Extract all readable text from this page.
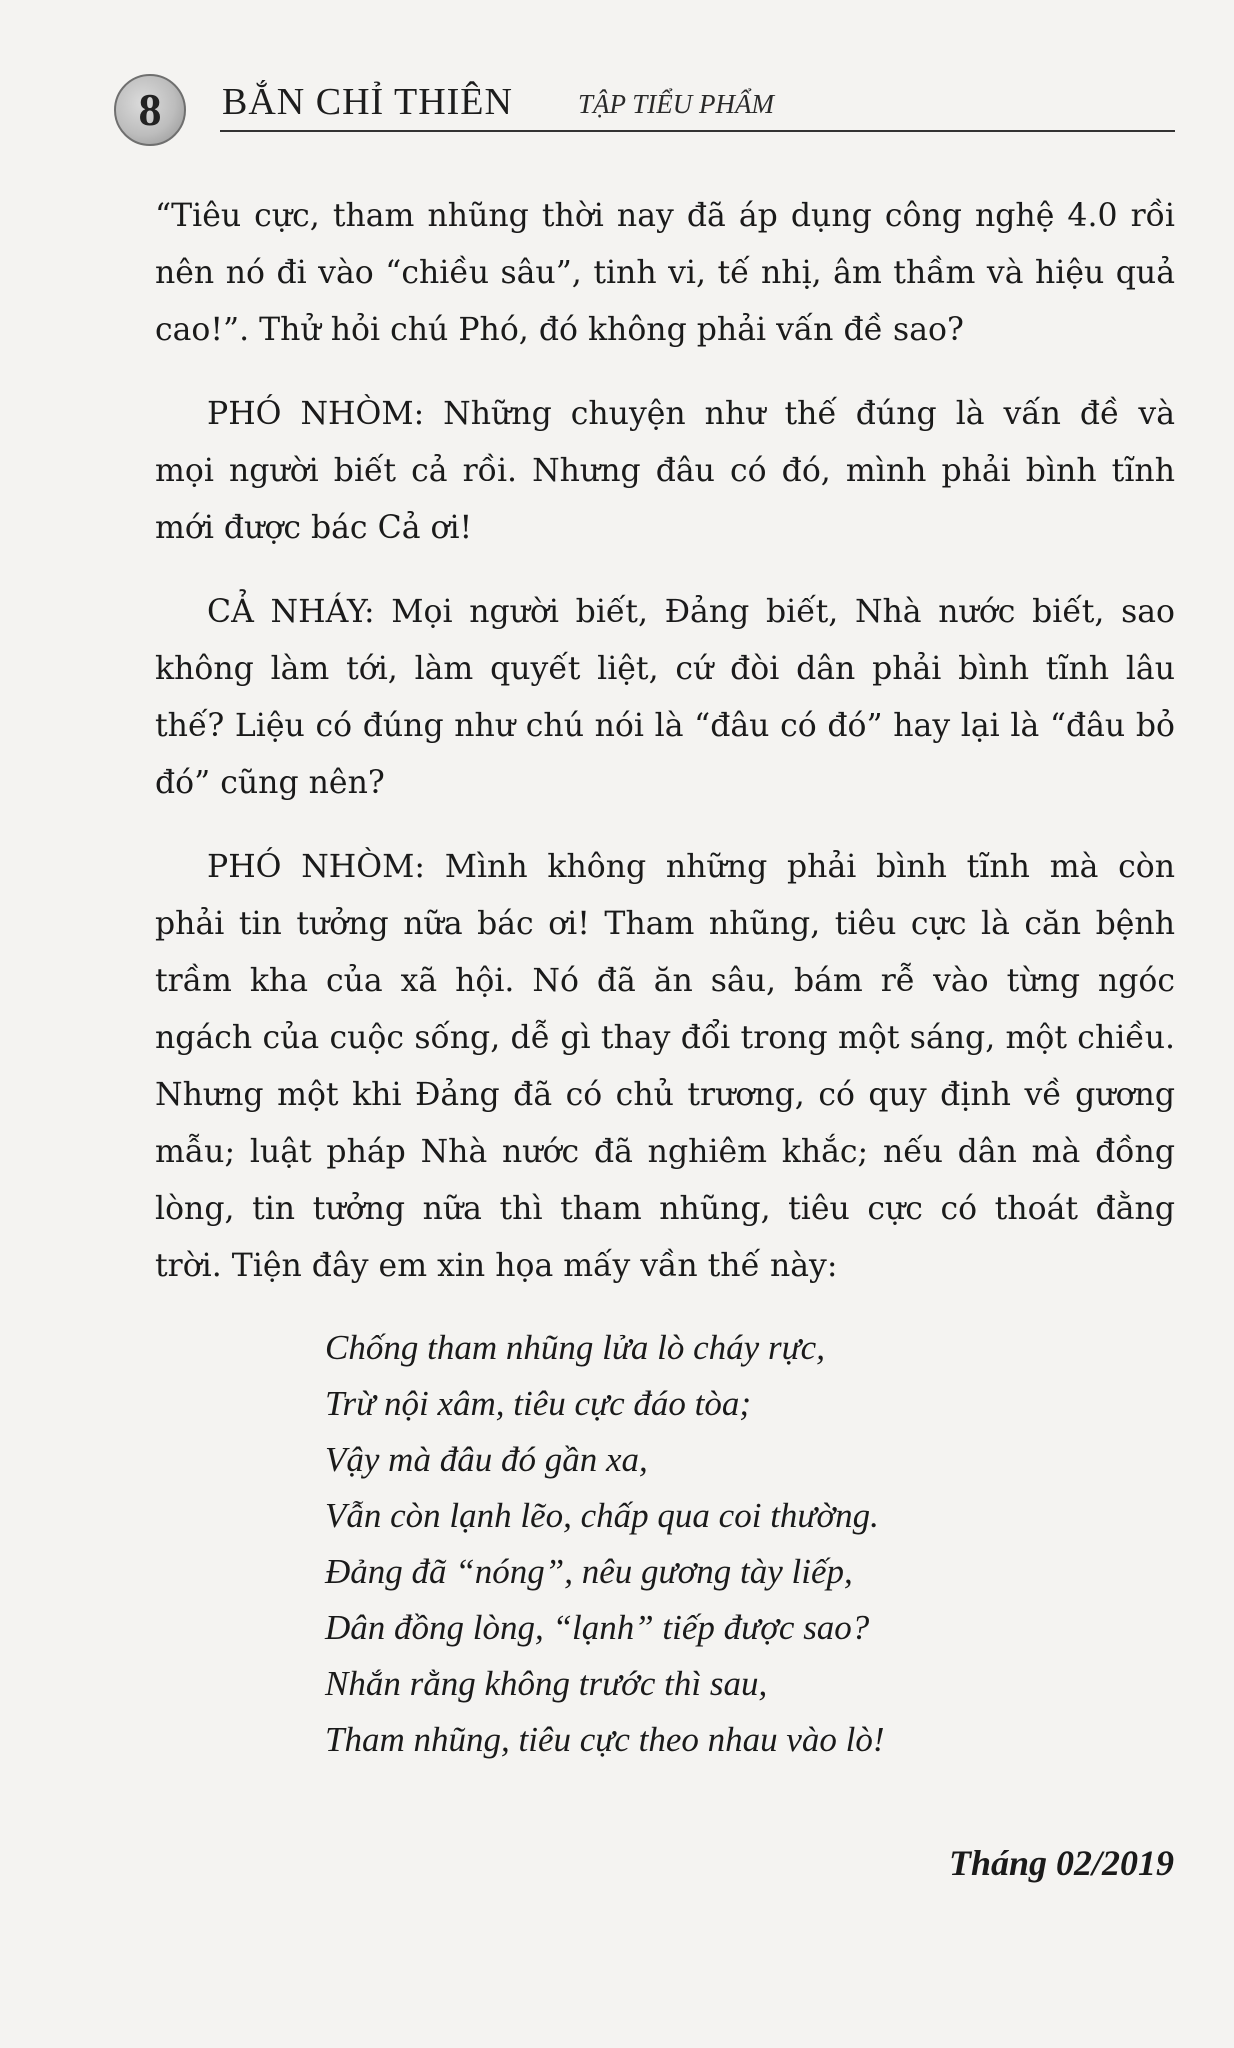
8	BẮN CHỈ THIÊN TẬP TIỂU PHẨM

“Tiêu cực, tham nhũng thời nay đã áp dụng công nghệ 4.0 rồi
nên nó đi vào “chiều sâu”, tinh vi, tế nhị, âm thầm và hiệu quả
cao!”. Thử hỏi chú Phó, đó không phải vấn đề sao?

PHÓ NHÒM: Những chuyện như thế đúng là vấn đề và
mọi người biết cả rồi. Nhưng đâu có đó, mình phải bình tĩnh
mới được bác Cả ơi!

CẢ NHÁY: Mọi người biết, Đảng biết, Nhà nước biết, sao
không làm tới, làm quyết liệt, cứ đòi dân phải bình tĩnh lâu
thế? Liệu có đúng như chú nói là “đâu có đó” hay lại là “đâu bỏ
đó” cũng nên?

PHÓ NHÒM: Mình không những phải bình tĩnh mà còn
phải tin tưởng nữa bác ơi! Tham nhũng, tiêu cực là căn bệnh
trầm kha của xã hội. Nó đã ăn sâu, bám rễ vào từng ngóc
ngách của cuộc sống, dễ gì thay đổi trong một sáng, một chiều.
Nhưng một khi Đảng đã có chủ trương, có quy định về gương
mẫu; luật pháp Nhà nước đã nghiêm khắc; nếu dân mà đồng
lòng, tin tưởng nữa thì tham nhũng, tiêu cực có thoát đằng
trời. Tiện đây em xin họa mấy vần thế này:

Chống tham nhũng lửa lò cháy rực,
Trừ nội xâm, tiêu cực đáo tòa;
Vậy mà đâu đó gần xa,
Vẫn còn lạnh lẽo, chấp qua coi thường.
Đảng đã “nóng”, nêu gương tày liếp,
Dân đồng lòng, “lạnh” tiếp được sao?
Nhắn rằng không trước thì sau,
Tham nhũng, tiêu cực theo nhau vào lò!
Tháng 02/2019
